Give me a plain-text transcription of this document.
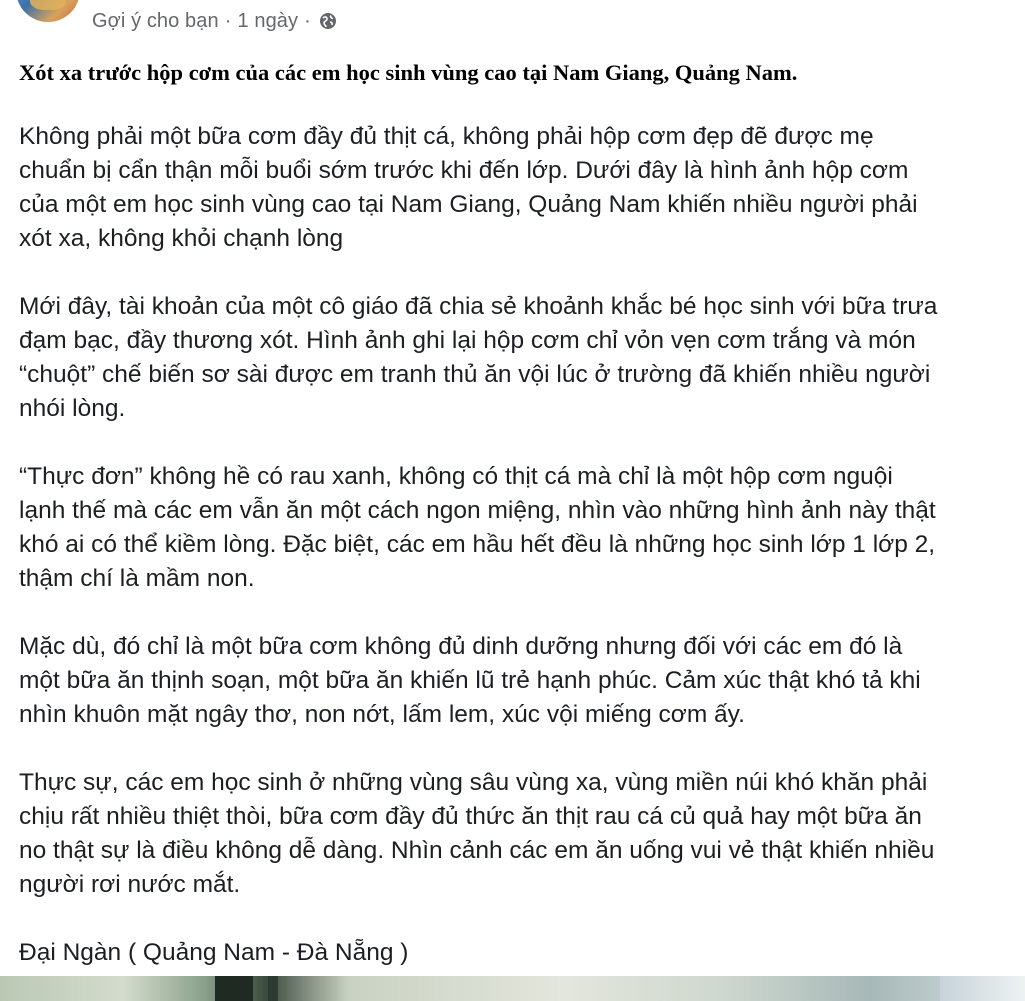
Gợi ý cho bạn · 1 ngày ·

Xót xa trước hộp cơm của các em học sinh vùng cao tại Nam Giang, Quảng Nam.

Không phải một bữa cơm đầy đủ thịt cá, không phải hộp cơm đẹp đẽ được mẹ
chuẩn bị cẩn thận mỗi buổi sớm trước khi đến lớp. Dưới đây là hình ảnh hộp cơm
của một em học sinh vùng cao tại Nam Giang, Quảng Nam khiến nhiều người phải
xót xa, không khỏi chạnh lòng

Mới đây, tài khoản của một cô giáo đã chia sẻ khoảnh khắc bé học sinh với bữa trưa
đạm bạc, đầy thương xót. Hình ảnh ghi lại hộp cơm chỉ vỏn vẹn cơm trắng và món
“chuột” chế biến sơ sài được em tranh thủ ăn vội lúc ở trường đã khiến nhiều người
nhói lòng.

“Thực đơn” không hề có rau xanh, không có thịt cá mà chỉ là một hộp cơm nguội
lạnh thế mà các em vẫn ăn một cách ngon miệng, nhìn vào những hình ảnh này thật
khó ai có thể kiềm lòng. Đặc biệt, các em hầu hết đều là những học sinh lớp 1 lớp 2,
thậm chí là mầm non.

Mặc dù, đó chỉ là một bữa cơm không đủ dinh dưỡng nhưng đối với các em đó là
một bữa ăn thịnh soạn, một bữa ăn khiến lũ trẻ hạnh phúc. Cảm xúc thật khó tả khi
nhìn khuôn mặt ngây thơ, non nớt, lấm lem, xúc vội miếng cơm ấy.

Thực sự, các em học sinh ở những vùng sâu vùng xa, vùng miền núi khó khăn phải
chịu rất nhiều thiệt thòi, bữa cơm đầy đủ thức ăn thịt rau cá củ quả hay một bữa ăn
no thật sự là điều không dễ dàng. Nhìn cảnh các em ăn uống vui vẻ thật khiến nhiều
người rơi nước mắt.

Đại Ngàn ( Quảng Nam - Đà Nẵng )
